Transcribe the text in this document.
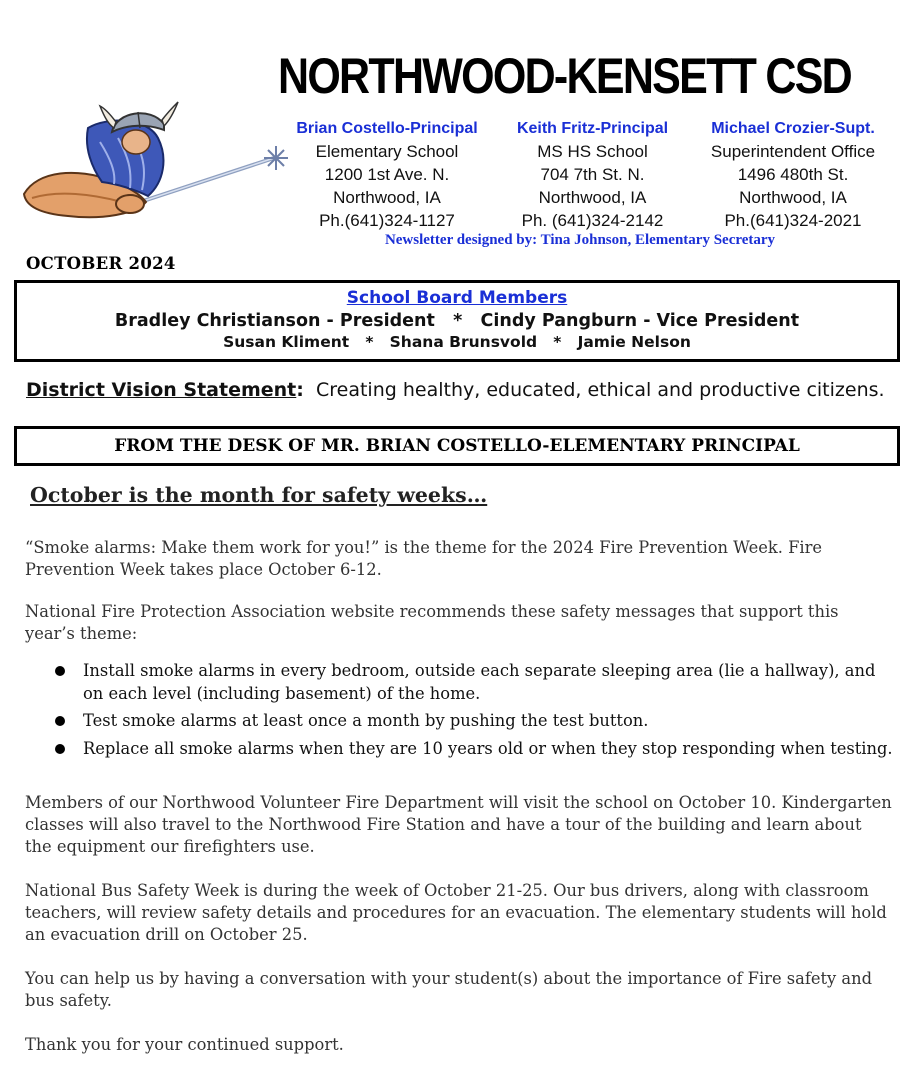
NORTHWOOD-KENSETT CSD
Brian Costello-Principal
Elementary School
1200 1st Ave. N.
Northwood, IA
Ph.(641)324-1127
Keith Fritz-Principal
MS HS School
704 7th St. N.
Northwood, IA
Ph. (641)324-2142
Michael Crozier-Supt.
Superintendent Office
1496 480th St.
Northwood, IA
Ph.(641)324-2021
Newsletter designed by: Tina Johnson, Elementary Secretary
OCTOBER 2024
School Board Members
Bradley Christianson - President   *   Cindy Pangburn - Vice President
Susan Kliment   *   Shana Brunsvold   *   Jamie Nelson
District Vision Statement: Creating healthy, educated, ethical and productive citizens.
FROM THE DESK OF MR. BRIAN COSTELLO-ELEMENTARY PRINCIPAL
October is the month for safety weeks…
“Smoke alarms: Make them work for you!” is the theme for the 2024 Fire Prevention Week. Fire Prevention Week takes place October 6-12.
National Fire Protection Association website recommends these safety messages that support this year’s theme:
Install smoke alarms in every bedroom, outside each separate sleeping area (lie a hallway), and on each level (including basement) of the home.
Test smoke alarms at least once a month by pushing the test button.
Replace all smoke alarms when they are 10 years old or when they stop responding when testing.
Members of our Northwood Volunteer Fire Department will visit the school on October 10. Kindergarten classes will also travel to the Northwood Fire Station and have a tour of the building and learn about the equipment our firefighters use.
National Bus Safety Week is during the week of October 21-25. Our bus drivers, along with classroom teachers, will review safety details and procedures for an evacuation. The elementary students will hold an evacuation drill on October 25.
You can help us by having a conversation with your student(s) about the importance of Fire safety and bus safety.
Thank you for your continued support.
